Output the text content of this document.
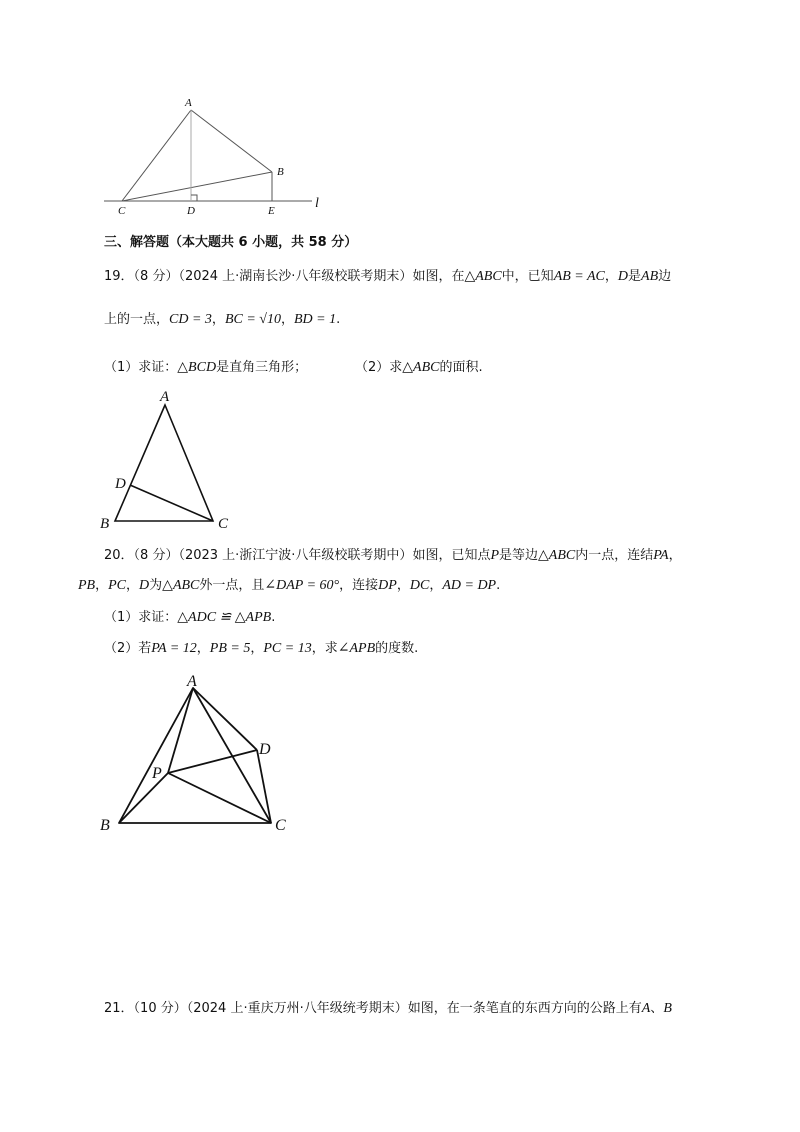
A
B
C	D	E	l
三、解答题（本大题共 6 小题，共 58 分）
19．（8 分）（2024 上·湖南长沙·八年级校联考期末）如图，在△ABC中，已知AB = AC，D是AB边
上的一点，CD = 3，BC = √10，BD = 1.
（1）求证：△BCD是直角三角形；	（2）求△ABC的面积.
A
B	C
D
20．（8 分）（2023 上·浙江宁波·八年级校联考期中）如图，已知点P是等边△ABC内一点，连结PA，
PB，PC，D为△ABC外一点，且∠DAP = 60°，连接DP，DC，AD = DP.
（1）求证：△ADC ≌ △APB.
（2）若PA = 12，PB = 5，PC = 13，求∠APB的度数.
A
B	C
D
P
21．（10 分）（2024 上·重庆万州·八年级统考期末）如图，在一条笔直的东西方向的公路上有A、B
